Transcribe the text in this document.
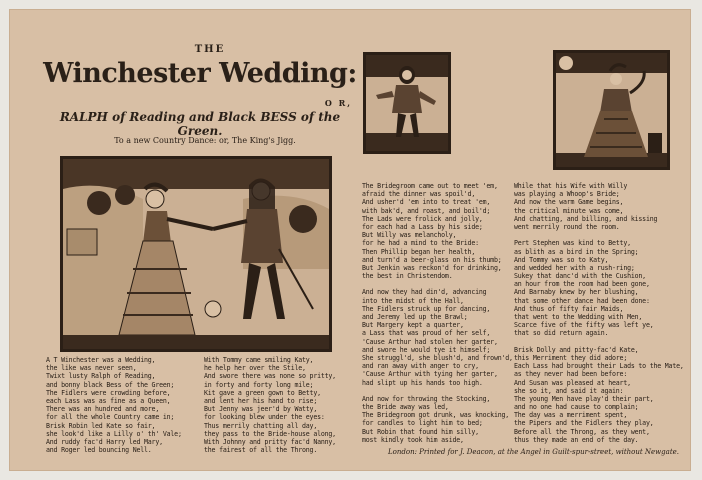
THE
Winchester Wedding:
O R,
RALPH of Reading and Black BESS of the Green.
To a new Country Dance: or, The King's Jigg.
A T Winchester was a Wedding,
the like was never seen,
Twixt lusty Ralph of Reading,
and bonny black Bess of the Green;
The Fidlers were crowding before,
each Lass was as fine as a Queen,
There was an hundred and more,
for all the whole Country came in;
Brisk Robin led Kate so fair,
she look'd like a Lilly o' th' Vale;
And ruddy fac'd Harry led Mary,
and Roger led bouncing Nell.
With Tommy came smiling Katy,
he help her over the Stile,
And swore there was none so pritty,
in forty and forty long mile;
Kit gave a green gown to Betty,
and lent her his hand to rise;
But Jenny was jeer'd by Watty,
for looking blew under the eyes:
Thus merrily chatting all day,
they pass to the Bride-house along,
With Johnny and pritty fac'd Nanny,
the fairest of all the Throng.
The Bridegroom came out to meet 'em,
afraid the dinner was spoil'd,
And usher'd 'em into to treat 'em,
with bak'd, and roast, and boil'd;
The Lads were frolick and jolly,
for each had a Lass by his side;
But Willy was melancholy,
for he had a mind to the Bride:
Then Phillip began her health,
and turn'd a beer-glass on his thumb;
But Jenkin was reckon'd for drinking,
the best in Christendom.
And now they had din'd, advancing
into the midst of the Hall,
The Fidlers struck up for dancing,
and Jeremy led up the Brawl;
But Margery kept a quarter,
a Lass that was proud of her self,
'Cause Arthur had stolen her garter,
and swore he would tye it himself;
She struggl'd, she blush'd, and frown'd,
and ran away with anger to cry,
'Cause Arthur with tying her garter,
had slipt up his hands too high.
And now for throwing the Stocking,
the Bride away was led,
The Bridegroom got drunk, was knocking,
for candles to light him to bed;
But Robin that found him silly,
most kindly took him aside,
While that his Wife with Willy
was playing a Whoop's Bride;
And now the warm Game begins,
the critical minute was come,
And chatting, and billing, and kissing
went merrily round the room.
Pert Stephen was kind to Betty,
as blith as a bird in the Spring;
And Tommy was so to Katy,
and wedded her with a rush-ring;
Sukey that danc'd with the Cushion,
an hour from the room had been gone,
And Barnaby knew by her blushing,
that some other dance had been done:
And thus of fifty fair Maids,
that went to the Wedding with Men,
Scarce five of the fifty was left ye,
that so did return again.
Brisk Dolly and pitty-fac'd Kate,
this Merriment they did adore;
Each Lass had brought their Lads to the Mate,
as they never had been before:
And Susan was pleased at heart,
she so it, and said it again:
The young Men have play'd their part,
and no one had cause to complain;
The day was a merriment spent,
the Pipers and the Fidlers they play,
Before all the Throng, as they went,
thus they made an end of the day.
London: Printed for J. Deacon, at the Angel in Guilt-spur-street, without Newgate.
